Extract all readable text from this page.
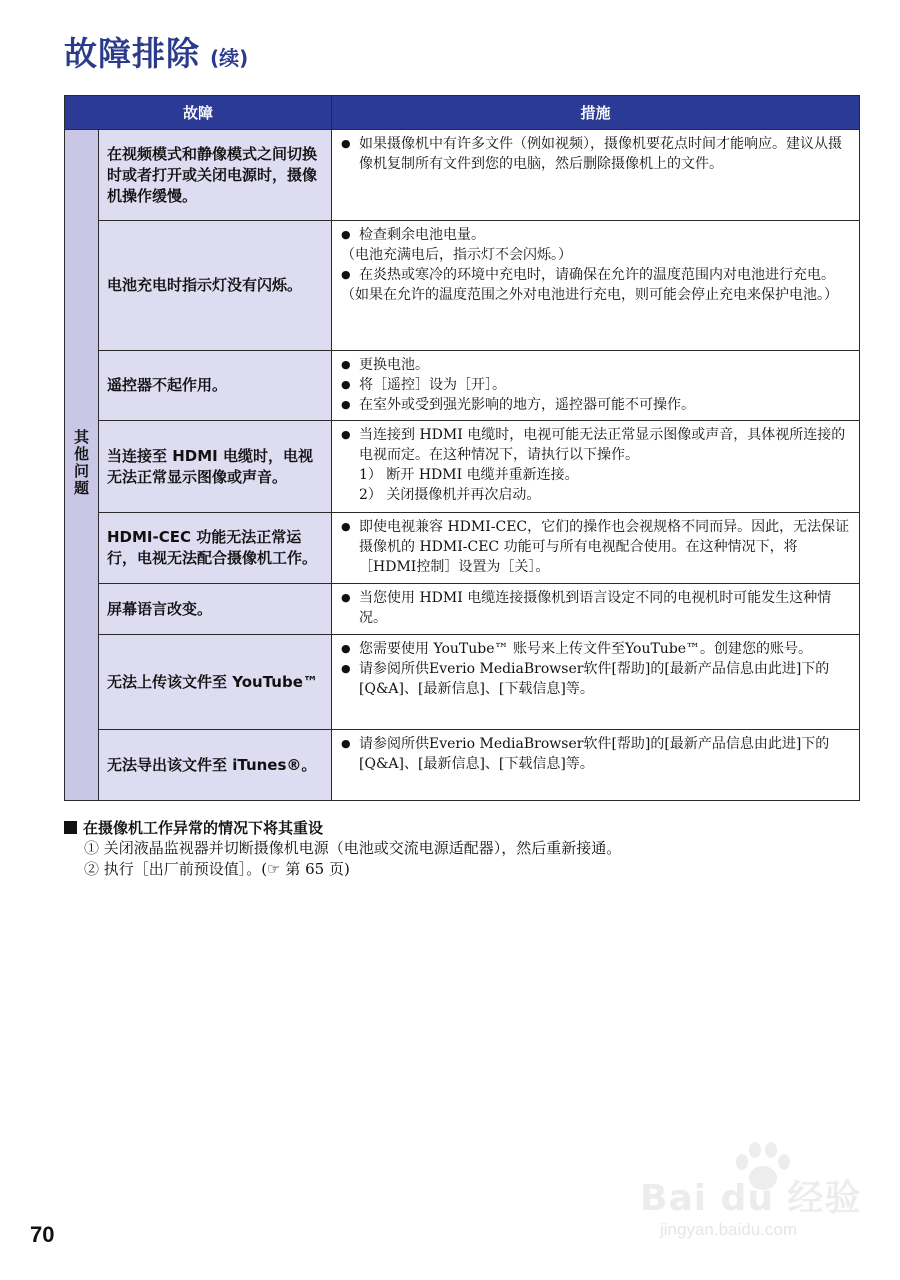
故障排除 (续)
故障		措施
其他问题	在视频模式和静像模式之间切换时或者打开或关闭电源时，摄像机操作缓慢。	● 如果摄像机中有许多文件（例如视频），摄像机要花点时间才能响应。建议从摄像机复制所有文件到您的电脑，然后删除摄像机上的文件。

	电池充电时指示灯没有闪烁。	● 检查剩余电池电量。
（电池充满电后，指示灯不会闪烁。）
● 在炎热或寒冷的环境中充电时，请确保在允许的温度范围内对电池进行充电。
（如果在允许的温度范围之外对电池进行充电，则可能会停止充电来保护电池。）

	遥控器不起作用。	● 更换电池。
● 将［遥控］设为［开］。
● 在室外或受到强光影响的地方，遥控器可能不可操作。

	当连接至 HDMI 电缆时，电视无法正常显示图像或声音。	● 当连接到 HDMI 电缆时，电视可能无法正常显示图像或声音，具体视所连接的电视而定。在这种情况下，请执行以下操作。
1） 断开 HDMI 电缆并重新连接。
2） 关闭摄像机并再次启动。

	HDMI-CEC 功能无法正常运行，电视无法配合摄像机工作。	● 即使电视兼容 HDMI-CEC，它们的操作也会视规格不同而异。因此，无法保证摄像机的 HDMI-CEC 功能可与所有电视配合使用。在这种情况下，将［HDMI控制］设置为［关］。

	屏幕语言改变。	● 当您使用 HDMI 电缆连接摄像机到语言设定不同的电视机时可能发生这种情况。

	无法上传该文件至 YouTube™	● 您需要使用 YouTube™ 账号来上传文件至YouTube™。创建您的账号。
● 请参阅所供Everio MediaBrowser软件[帮助]的[最新产品信息由此进]下的[Q&A]、[最新信息]、[下载信息]等。

	无法导出该文件至 iTunes®。	● 请参阅所供Everio MediaBrowser软件[帮助]的[最新产品信息由此进]下的[Q&A]、[最新信息]、[下载信息]等。
在摄像机工作异常的情况下将其重设
① 关闭液晶监视器并切断摄像机电源（电池或交流电源适配器），然后重新接通。
② 执行［出厂前预设值］。(☞ 第 65 页)
70
Bai du 经验
jingyan.baidu.com
